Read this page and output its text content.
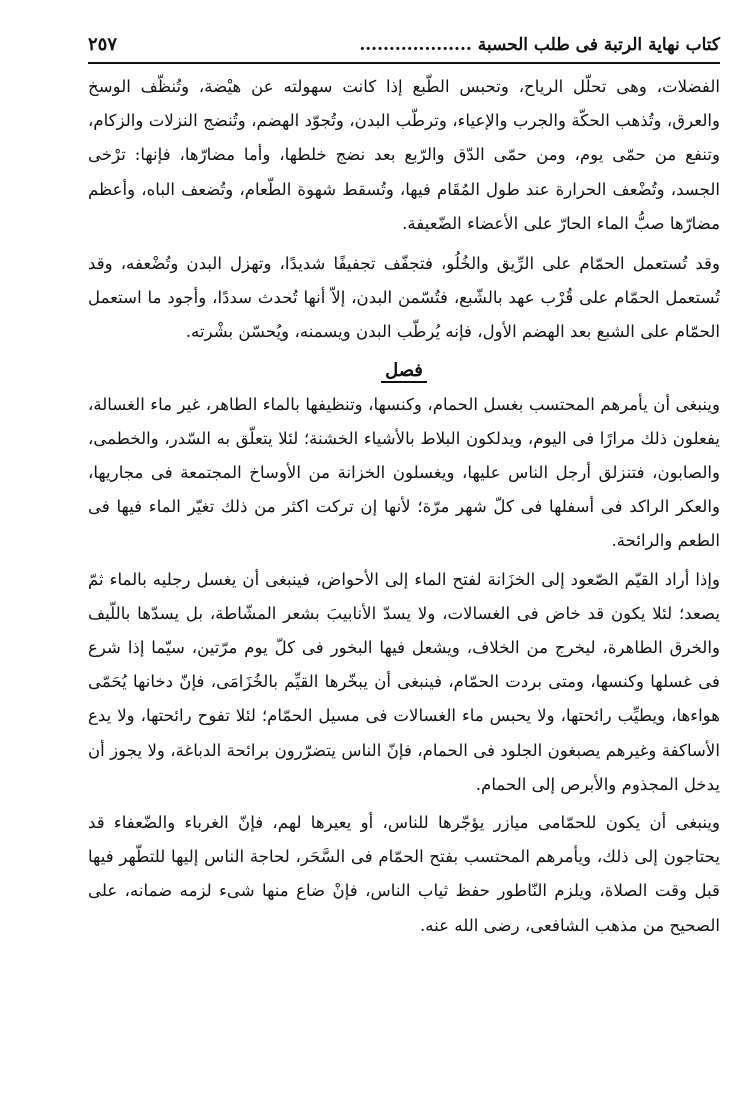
كتاب نهاية الرتبة فى طلب الحسبة ...................
٢٥٧

الفضلات، وهى تحلّل الرياح، وتحبس الطّبع إذا كانت سهولته عن هيْضة، وتُنظّف الوسخ والعرق، وتُذهب الحكّة والجرب والإعياء، وترطّب البدن، وتُجوّد الهضم، وتُنضج النزلات والزكام، وتنفع من حمّى يوم، ومن حمّى الدّق والرّبع بعد نضج خلطها، وأما مضارّها، فإنها: ترْخى الجسد، وتُضْعف الحرارة عند طول المُقَام فيها، وتُسقط شهوة الطّعام، وتُضعف الباه، وأعظم مضارّها صبُّ الماء الحارّ على الأعضاء الضّعيفة.

وقد تُستعمل الحمّام على الرِّيق والخُلُو، فتجفّف تجفيفًا شديدًا، وتهزل البدن وتُضْعفه، وقد تُستعمل الحمّام على قُرْب عهد بالشّبع، فتُسّمن البدن، إلاّ أنها تُحدث سددًا، وأجود ما استعمل الحمّام على الشبع بعد الهضم الأول، فإنه يُرطّب البدن ويسمنه، ويُحسّن بشْرته.

فصل

وينبغى أن يأمرهم المحتسب بغسل الحمام، وكنسها، وتنظيفها بالماء الطاهر، غير ماء الغسالة، يفعلون ذلك مرارًا فى اليوم، ويدلكون البلاط بالأشياء الخشنة؛ لئلا يتعلّق به السّدر، والخطمى، والصابون، فتنزلق أرجل الناس عليها، ويغسلون الخزانة من الأوساخ المجتمعة فى مجاريها، والعكر الراكد فى أسفلها فى كلّ شهر مرّة؛ لأنها إن تركت اكثر من ذلك تغيّر الماء فيها فى الطعم والرائحة.

وإذا أراد القيّم الصّعود إلى الخزَانة لفتح الماء إلى الأحواض، فينبغى أن يغسل رجليه بالماء ثمّ يصعد؛ لئلا يكون قد خاض فى الغسالات، ولا يسدّ الأنابيبَ بشعر المشّاطة، بل يسدّها باللّيف والخرق الطاهرة، ليخرج من الخلاف، ويشعل فيها البخور فى كلّ يوم مرّتين، سيّما إذا شرع فى غسلها وكنسها، ومتى بردت الحمّام، فينبغى أن يبخّرها القيِّم بالخُزَامَى، فإنّ دخانها يُحَمّى هواءها، ويطيِّب رائحتها، ولا يحبس ماء الغسالات فى مسيل الحمّام؛ لئلا تفوح رائحتها، ولا يدع الأساكفة وغيرهم يصبغون الجلود فى الحمام، فإنّ الناس يتضرّرون برائحة الدباغة، ولا يجوز أن يدخل المجذوم والأبرص إلى الحمام.

وينبغى أن يكون للحمّامى ميازر يؤجّرها للناس، أو يعيرها لهم، فإنّ الغرباء والضّعفاء قد يحتاجون إلى ذلك، ويأمرهم المحتسب بفتح الحمّام فى السَّحَر، لحاجة الناس إليها للتطّهر فيها قبل وقت الصلاة، ويلزم النّاطور حفظ ثياب الناس، فإنْ ضاع منها شىء لزمه ضمانه، على الصحيح من مذهب الشافعى، رضى الله عنه.
